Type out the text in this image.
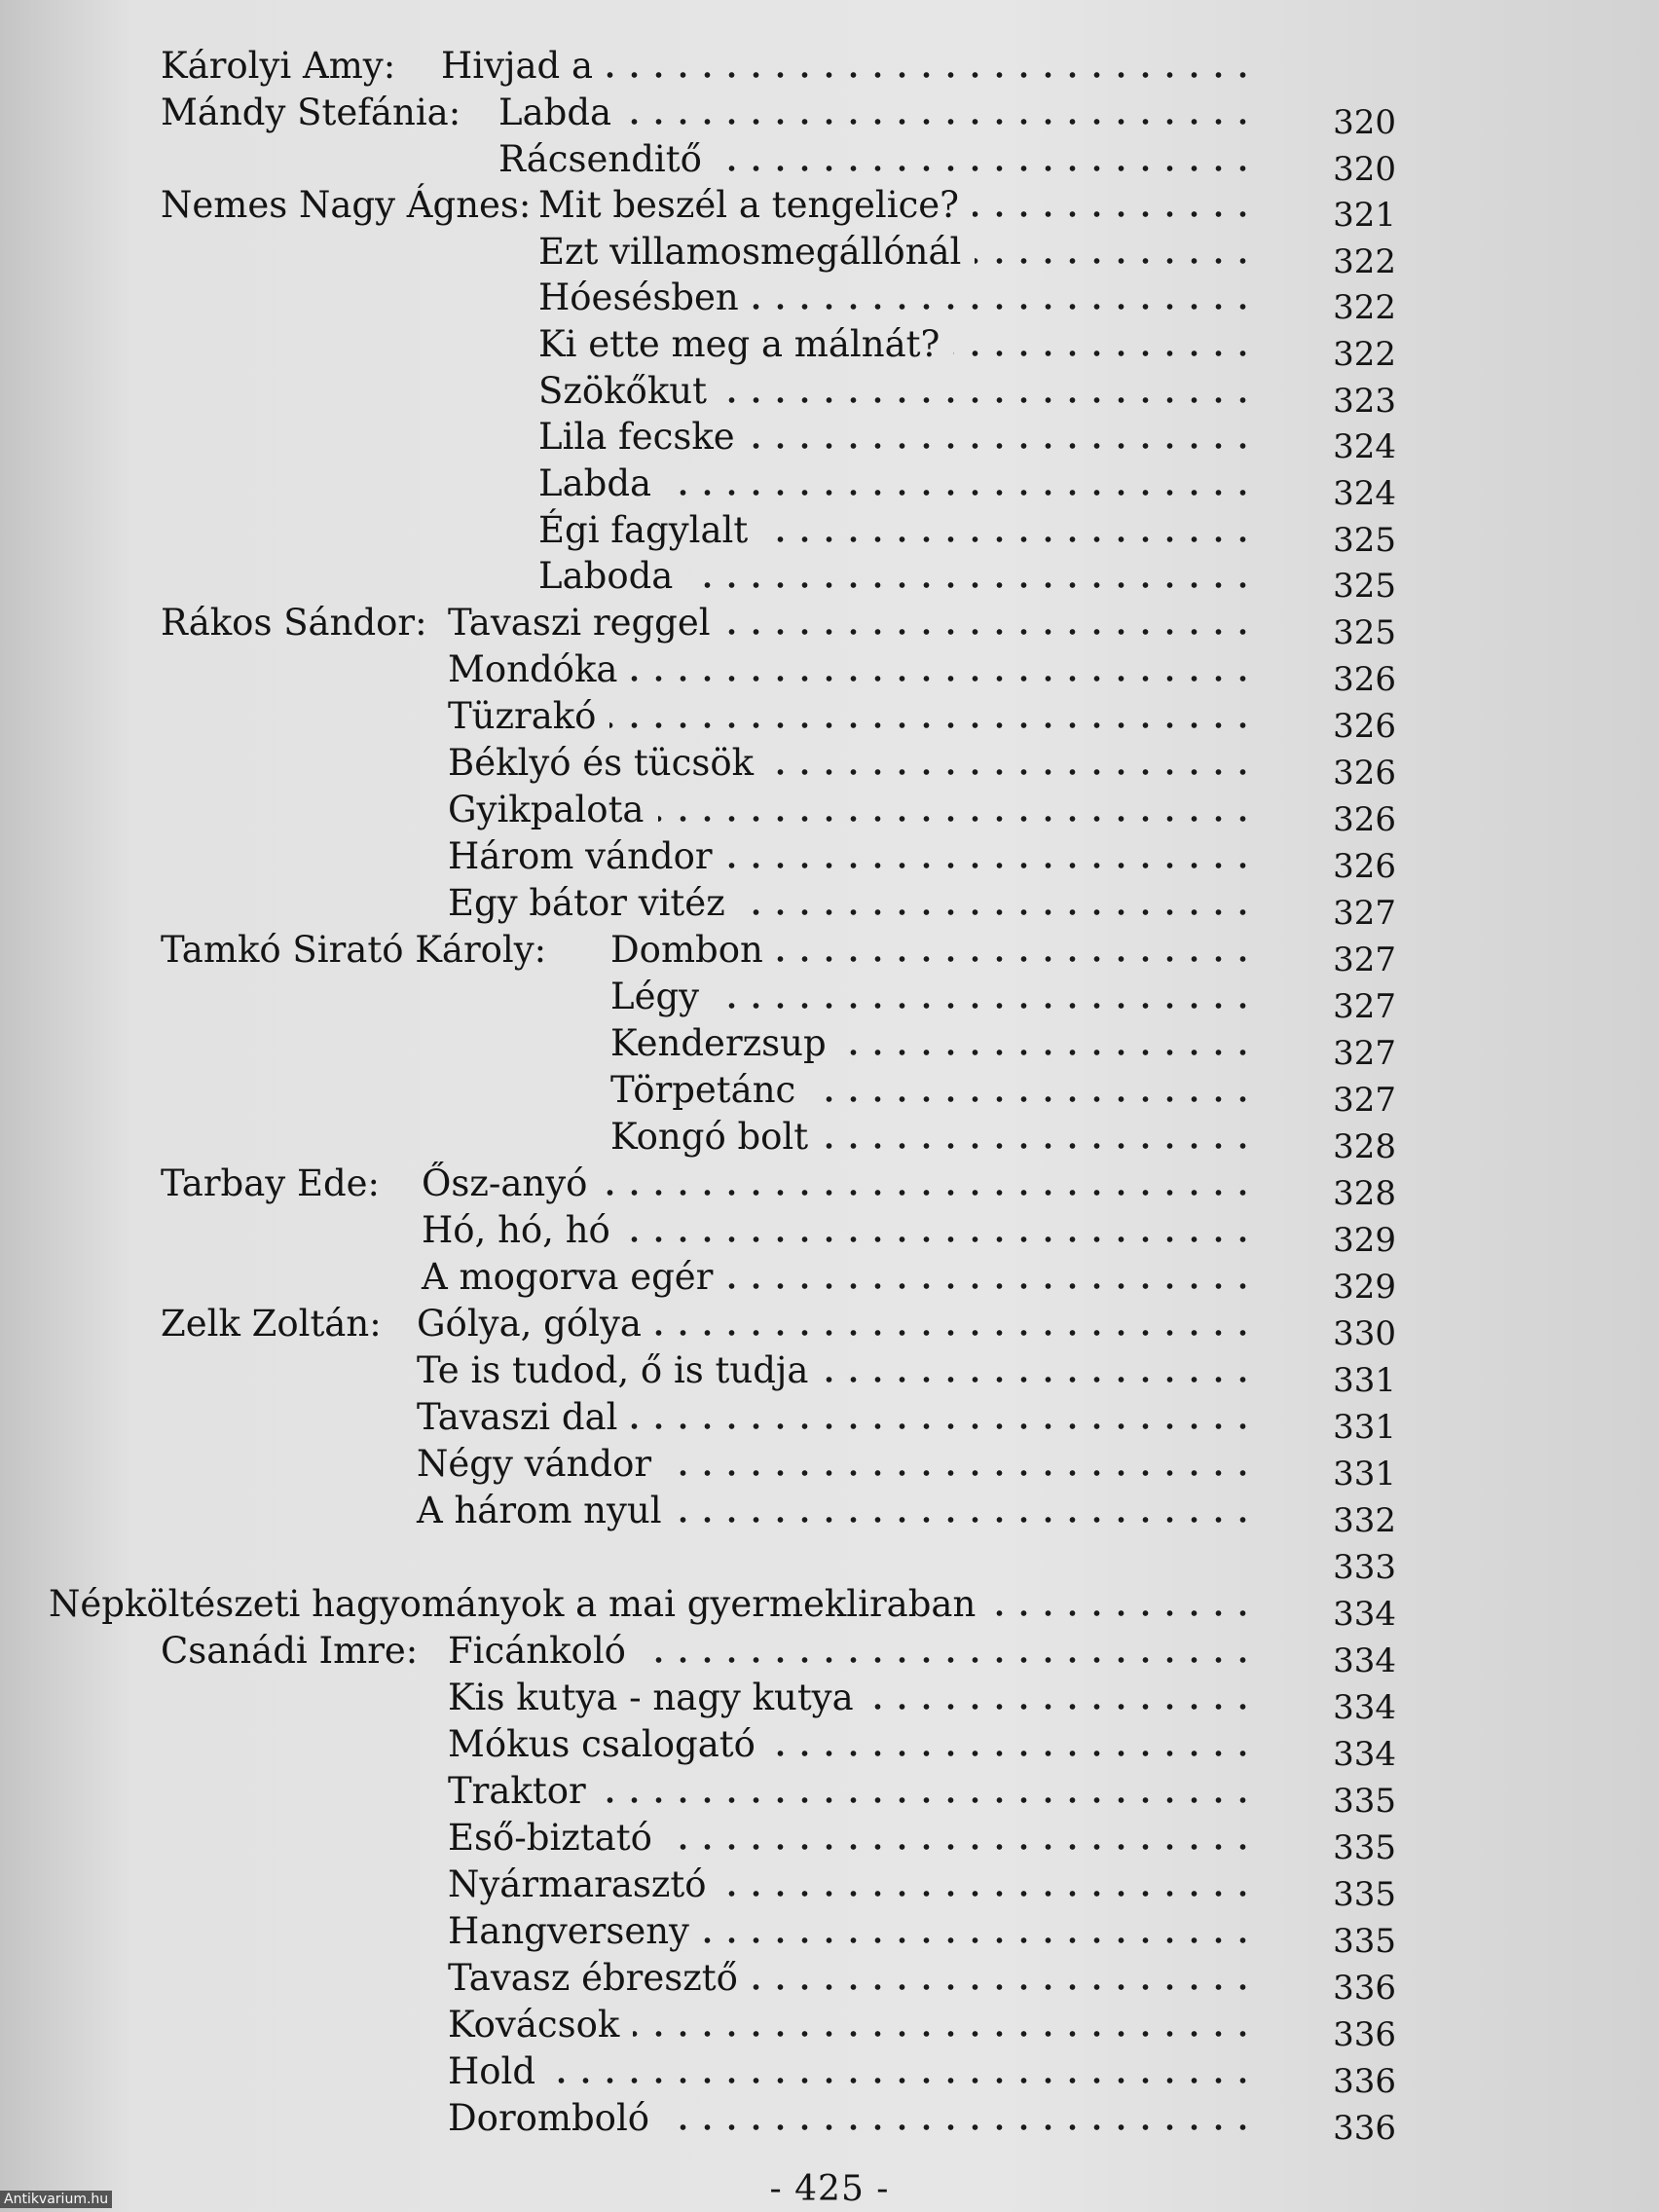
Károlyi Amy: Hivjad a
Mándy Stefánia: Labda	320
Rácsenditő	320
Nemes Nagy Ágnes: Mit beszél a tengelice?	321
Ezt villamosmegállónál	322
Hóesésben	322
Ki ette meg a málnát?	322
Szökőkut	323
Lila fecske	324
Labda	324
Égi fagylalt	325
Laboda	325
Rákos Sándor: Tavaszi reggel	325
Mondóka	326
Tüzrakó	326
Béklyó és tücsök	326
Gyikpalota	326
Három vándor	326
Egy bátor vitéz	327
Tamkó Sirató Károly: Dombon	327
Légy	327
Kenderzsup	327
Törpetánc	327
Kongó bolt	328
Tarbay Ede: Ősz-anyó	328
Hó, hó, hó	329
A mogorva egér	329
Zelk Zoltán: Gólya, gólya	330
Te is tudod, ő is tudja	331
Tavaszi dal	331
Négy vándor	331
A három nyul	332
333
Népköltészeti hagyományok a mai gyermekliraban	334
Csanádi Imre: Ficánkoló	334
Kis kutya - nagy kutya	334
Mókus csalogató	334
Traktor	335
Eső-biztató	335
Nyármarasztó	335
Hangverseny	335
Tavasz ébresztő	336
Kovácsok	336
Hold	336
Doromboló	336
- 425 -
Antikvarium.hu
